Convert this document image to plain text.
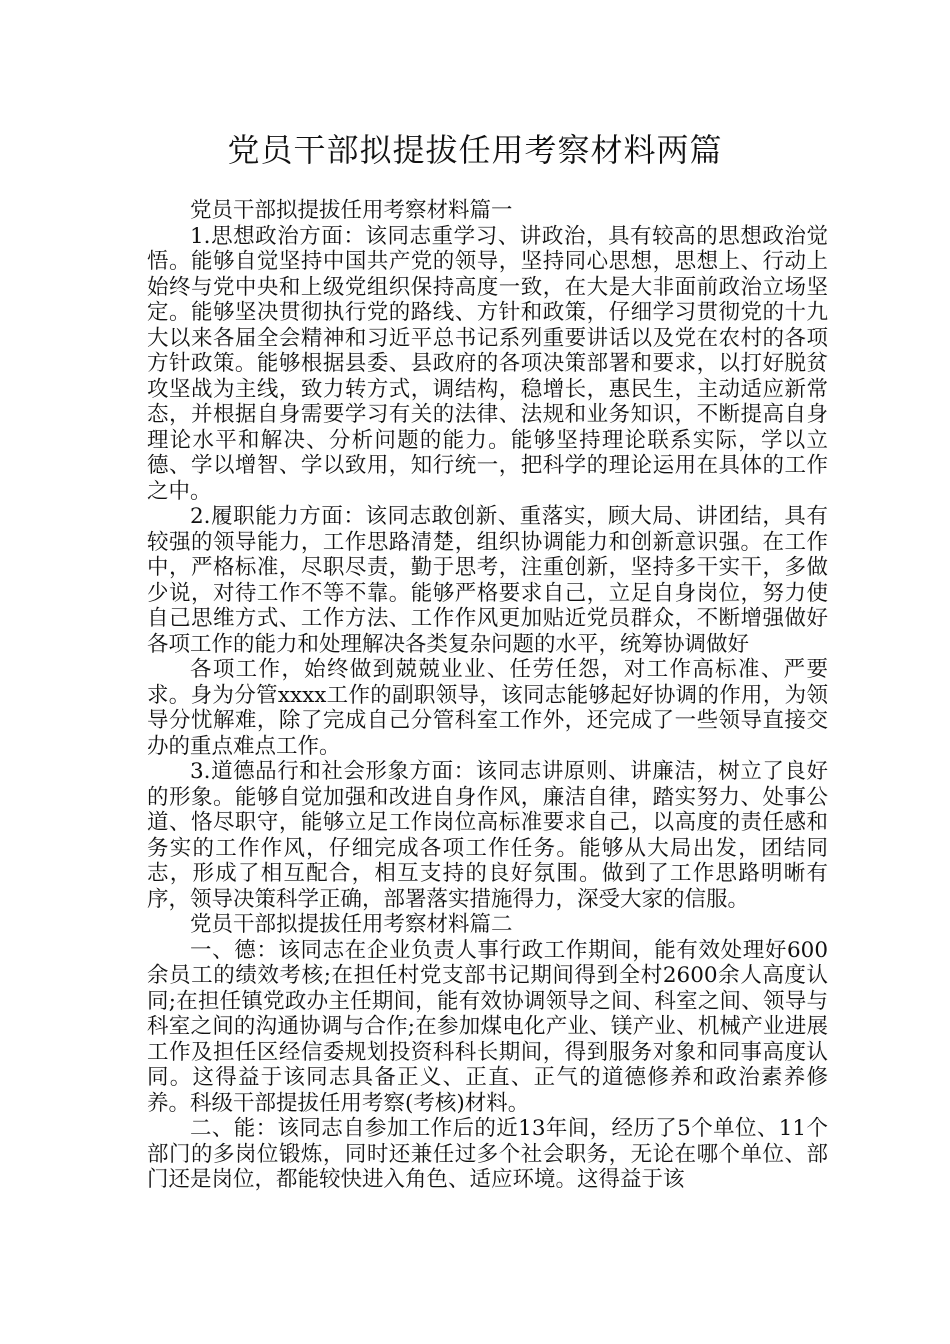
党员干部拟提拔任用考察材料两篇

党员干部拟提拔任用考察材料篇一

1.思想政治方面：该同志重学习、讲政治，具有较高的思想政治觉悟。能够自觉坚持中国共产党的领导，坚持同心思想，思想上、行动上始终与党中央和上级党组织保持高度一致，在大是大非面前政治立场坚定。能够坚决贯彻执行党的路线、方针和政策，仔细学习贯彻党的十九大以来各届全会精神和习近平总书记系列重要讲话以及党在农村的各项方针政策。能够根据县委、县政府的各项决策部署和要求，以打好脱贫攻坚战为主线，致力转方式，调结构，稳增长，惠民生，主动适应新常态，并根据自身需要学习有关的法律、法规和业务知识，不断提高自身理论水平和解决、分析问题的能力。能够坚持理论联系实际，学以立德、学以增智、学以致用，知行统一，把科学的理论运用在具体的工作之中。

2.履职能力方面：该同志敢创新、重落实，顾大局、讲团结，具有较强的领导能力，工作思路清楚，组织协调能力和创新意识强。在工作中，严格标准，尽职尽责，勤于思考，注重创新，坚持多干实干，多做少说，对待工作不等不靠。能够严格要求自己，立足自身岗位，努力使自己思维方式、工作方法、工作作风更加贴近党员群众，不断增强做好各项工作的能力和处理解决各类复杂问题的水平，统筹协调做好

各项工作，始终做到兢兢业业、任劳任怨，对工作高标准、严要求。身为分管xxxx工作的副职领导，该同志能够起好协调的作用，为领导分忧解难，除了完成自己分管科室工作外，还完成了一些领导直接交办的重点难点工作。

3.道德品行和社会形象方面：该同志讲原则、讲廉洁，树立了良好的形象。能够自觉加强和改进自身作风，廉洁自律，踏实努力、处事公道、恪尽职守，能够立足工作岗位高标准要求自己，以高度的责任感和务实的工作作风，仔细完成各项工作任务。能够从大局出发，团结同志，形成了相互配合，相互支持的良好氛围。做到了工作思路明晰有序，领导决策科学正确，部署落实措施得力，深受大家的信服。

党员干部拟提拔任用考察材料篇二

一、德：该同志在企业负责人事行政工作期间，能有效处理好600余员工的绩效考核;在担任村党支部书记期间得到全村2600余人高度认同;在担任镇党政办主任期间，能有效协调领导之间、科室之间、领导与科室之间的沟通协调与合作;在参加煤电化产业、镁产业、机械产业进展工作及担任区经信委规划投资科科长期间，得到服务对象和同事高度认同。这得益于该同志具备正义、正直、正气的道德修养和政治素养修养。科级干部提拔任用考察(考核)材料。

二、能：该同志自参加工作后的近13年间，经历了5个单位、11个部门的多岗位锻炼，同时还兼任过多个社会职务，无论在哪个单位、部门还是岗位，都能较快进入角色、适应环境。这得益于该
